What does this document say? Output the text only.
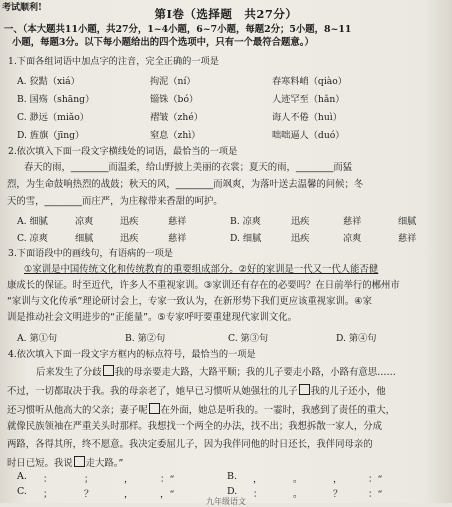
考试顺利!	第Ⅰ卷（选择题　共27分）
一、（本大题共11小题，共27分，1~4小题，6~7小题，每题2分；5小题，8~11
小题，每题3分。以下每小题给出的四个选项中，只有一个最符合题意。）
1.下面各组词语中加点字的注音，完全正确的一项是
A. 狡黠（xiá）	拘泥（ní）	春寒料峭（qiào）
B. 国殇（shāng）	锱铢（bó）	人迹罕至（hǎn）
C. 渺远（miǎo）	褶皱（zhé）	诲人不倦（huì）
D. 旌旗（jīng）	窒息（zhì）	咄咄逼人（duó）
2.依次填入下面一段文字横线处的词语，最恰当的一项是
春天的雨，________而温柔，给山野披上美丽的衣裳；夏天的雨，________而猛
烈，为生命鼓响热烈的战鼓；秋天的风，________而飒爽，为落叶送去温馨的问候；冬
天的雪，________而庄严，为庄稼带来香甜的呵护。
A. 细腻	凉爽	迅疾	慈祥	B. 凉爽	迅疾	慈祥	细腻
C. 凉爽	细腻	迅疾	慈祥	D. 细腻	迅疾	凉爽	慈祥
3.下面语段中的画线句，有语病的一项是
①家训是中国传统文化和传统教育的重要组成部分。②好的家训是一代又一代人能否健
康成长的保证。时至近代，许多人不重视家训。③家训还有存在的必要吗？在日前举行的郴州市
“家训与文化传承”理论研讨会上，专家一致认为，在新形势下我们更应该重视家训。④家
训是推动社会文明进步的“正能量”。⑤专家呼吁要重建现代家训文化。
A. 第①句	B. 第②句	C. 第③句	D. 第④句
4.依次填入下面一段文字方框内的标点符号，最恰当的一项是
后来发生了分歧 我的母亲要走大路，大路平顺；我的儿子要走小路，小路有意思……
不过，一切都取决于我。我的母亲老了，她早已习惯听从她强壮的儿子 我的儿子还小，他
还习惯听从他高大的父亲；妻子呢 在外面，她总是听我的。一霎时，我感到了责任的重大，
就像民族领袖在严重关头时那样。我想找一个两全的办法，找不出；我想拆散一家人，分成
两路，各得其所，终不愿意。我决定委屈儿子，因为我伴同他的时日还长，我伴同母亲的
时日已短。我说 走大路。”
A. ：	；	，	：“	B. ，	。	，	：“
C. ；	？	，	，“	D. ：	。	？	：“
九年级语文
